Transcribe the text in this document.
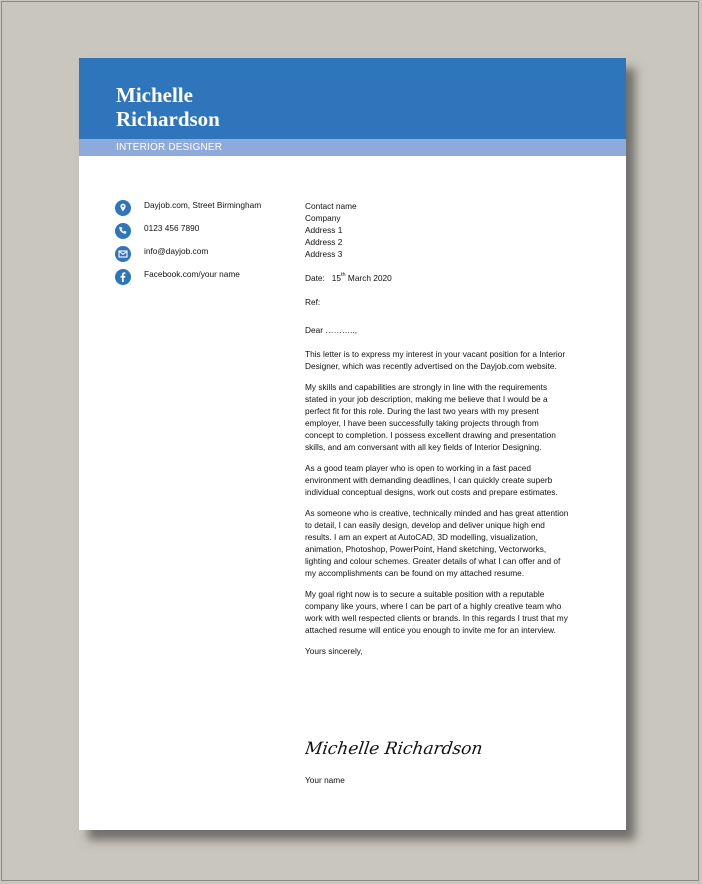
Michelle
Richardson
INTERIOR DESIGNER
Dayjob.com, Street Birmingham
0123 456 7890
info@dayjob.com
Facebook.com/your name
Contact name
Company
Address 1
Address 2
Address 3
Date: 15th March 2020
Ref:
Dear ………..,
This letter is to express my interest in your vacant position for a Interior Designer, which was recently advertised on the Dayjob.com website.
My skills and capabilities are strongly in line with the requirements stated in your job description, making me believe that I would be a perfect fit for this role. During the last two years with my present employer, I have been successfully taking projects through from concept to completion. I possess excellent drawing and presentation skills, and am conversant with all key fields of Interior Designing.
As a good team player who is open to working in a fast paced environment with demanding deadlines, I can quickly create superb individual conceptual designs, work out costs and prepare estimates.
As someone who is creative, technically minded and has great attention to detail, I can easily design, develop and deliver unique high end results. I am an expert at AutoCAD, 3D modelling, visualization, animation, Photoshop, PowerPoint, Hand sketching, Vectorworks, lighting and colour schemes. Greater details of what I can offer and of my accomplishments can be found on my attached resume.
My goal right now is to secure a suitable position with a reputable company like yours, where I can be part of a highly creative team who work with well respected clients or brands. In this regards I trust that my attached resume will entice you enough to invite me for an interview.
Yours sincerely,
Michelle Richardson
Your name
